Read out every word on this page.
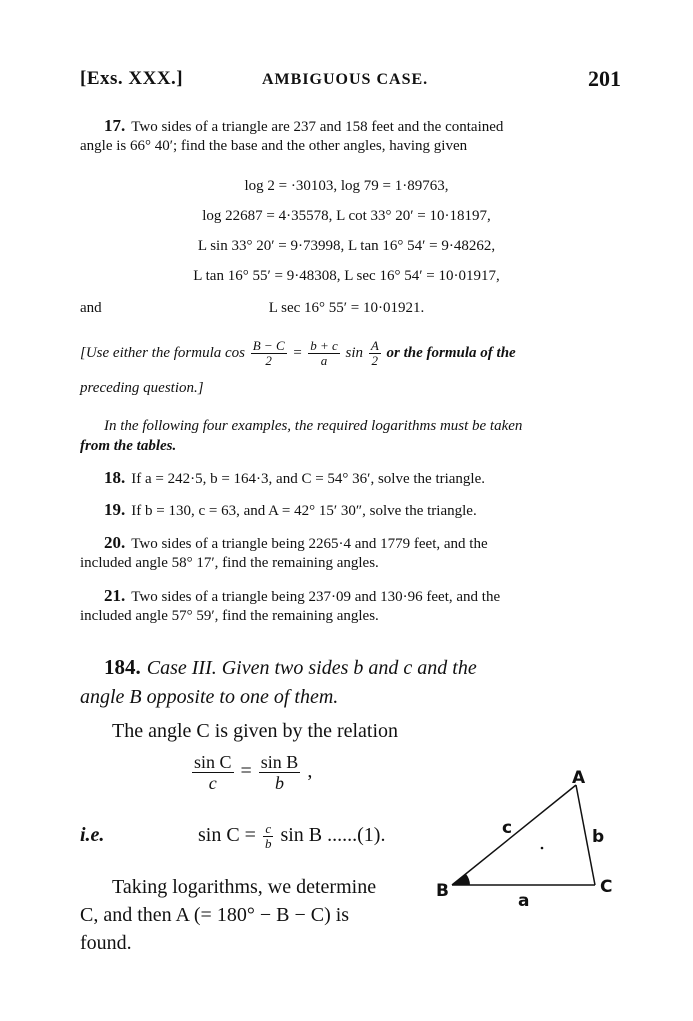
[Exs. XXX.]	AMBIGUOUS CASE.	201
17. Two sides of a triangle are 237 and 158 feet and the contained
angle is 66° 40′; find the base and the other angles, having given
log 2 = ·30103, log 79 = 1·89763,
log 22687 = 4·35578, L cot 33° 20′ = 10·18197,
L sin 33° 20′ = 9·73998, L tan 16° 54′ = 9·48262,
L tan 16° 55′ = 9·48308, L sec 16° 54′ = 10·01917,
and	L sec 16° 55′ = 10·01921.
[Use either the formula $\cos \frac{B - C}{2} = \frac{b + c}{a}$ $\sin \frac{A}{2}$ or the formula of the
preceding question.]
In the following four examples, the required logarithms must be taken
from the tables.
18. If a = 242·5, b = 164·3, and C = 54° 36′, solve the triangle.
19. If b = 130, c = 63, and A = 42° 15′ 30″, solve the triangle.
20. Two sides of a triangle being 2265·4 and 1779 feet, and the
included angle 58° 17′, find the remaining angles.
21. Two sides of a triangle being 237·09 and 130·96 feet, and the
included angle 57° 59′, find the remaining angles.
184. Case III. Given two sides b and c and the
angle B opposite to one of them.
The angle C is given by the relation
$\frac{\text{sin C}}{c} = \frac{\text{sin B}}{b}$ ,
i.e.	$\sin C = \frac{c}{b}$ sin B ......(1).
Taking logarithms, we determine
C, and then A (= 180° − B − C) is
found.
A
B	C
a
b
c
